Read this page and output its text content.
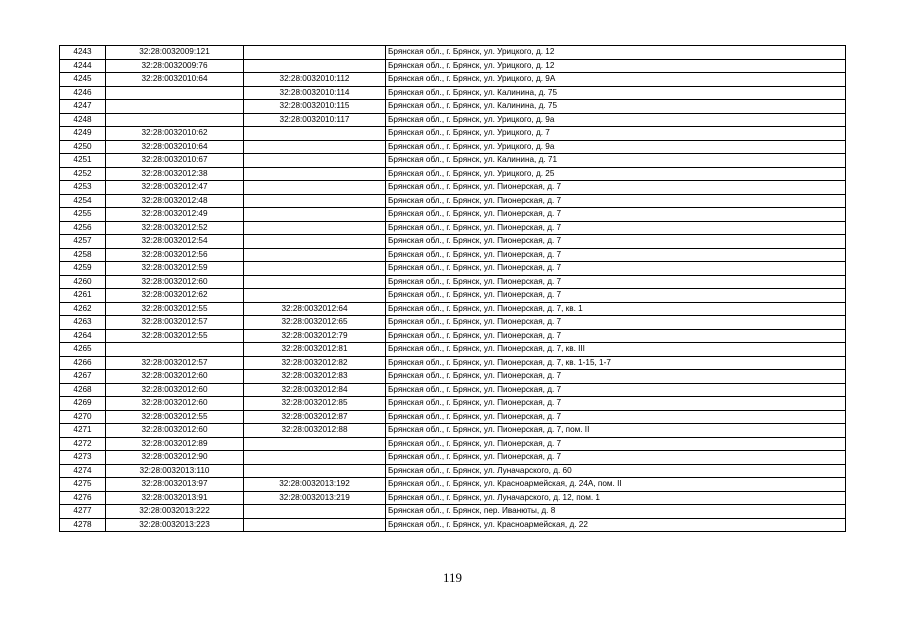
4243	32:28:0032009:121		Брянская обл., г. Брянск, ул. Урицкого, д. 12
4244	32:28:0032009:76		Брянская обл., г. Брянск, ул. Урицкого, д. 12
4245	32:28:0032010:64	32:28:0032010:112	Брянская обл., г. Брянск, ул. Урицкого, д. 9А
4246		32:28:0032010:114	Брянская обл., г. Брянск, ул. Калинина, д. 75
4247		32:28:0032010:115	Брянская обл., г. Брянск, ул. Калинина, д. 75
4248		32:28:0032010:117	Брянская обл., г. Брянск, ул. Урицкого, д. 9а
4249	32:28:0032010:62		Брянская обл., г. Брянск, ул. Урицкого, д. 7
4250	32:28:0032010:64		Брянская обл., г. Брянск, ул. Урицкого, д. 9а
4251	32:28:0032010:67		Брянская обл., г. Брянск, ул. Калинина, д. 71
4252	32:28:0032012:38		Брянская обл., г. Брянск, ул. Урицкого, д. 25
4253	32:28:0032012:47		Брянская обл., г. Брянск, ул. Пионерская, д. 7
4254	32:28:0032012:48		Брянская обл., г. Брянск, ул. Пионерская, д. 7
4255	32:28:0032012:49		Брянская обл., г. Брянск, ул. Пионерская, д. 7
4256	32:28:0032012:52		Брянская обл., г. Брянск, ул. Пионерская, д. 7
4257	32:28:0032012:54		Брянская обл., г. Брянск, ул. Пионерская, д. 7
4258	32:28:0032012:56		Брянская обл., г. Брянск, ул. Пионерская, д. 7
4259	32:28:0032012:59		Брянская обл., г. Брянск, ул. Пионерская, д. 7
4260	32:28:0032012:60		Брянская обл., г. Брянск, ул. Пионерская, д. 7
4261	32:28:0032012:62		Брянская обл., г. Брянск, ул. Пионерская, д. 7
4262	32:28:0032012:55	32:28:0032012:64	Брянская обл., г. Брянск, ул. Пионерская, д. 7, кв. 1
4263	32:28:0032012:57	32:28:0032012:65	Брянская обл., г. Брянск, ул. Пионерская, д. 7
4264	32:28:0032012:55	32:28:0032012:79	Брянская обл., г. Брянск, ул. Пионерская, д. 7
4265		32:28:0032012:81	Брянская обл., г. Брянск, ул. Пионерская, д. 7, кв. III
4266	32:28:0032012:57	32:28:0032012:82	Брянская обл., г. Брянск, ул. Пионерская, д. 7, кв. 1-15, 1-7
4267	32:28:0032012:60	32:28:0032012:83	Брянская обл., г. Брянск, ул. Пионерская, д. 7
4268	32:28:0032012:60	32:28:0032012:84	Брянская обл., г. Брянск, ул. Пионерская, д. 7
4269	32:28:0032012:60	32:28:0032012:85	Брянская обл., г. Брянск, ул. Пионерская, д. 7
4270	32:28:0032012:55	32:28:0032012:87	Брянская обл., г. Брянск, ул. Пионерская, д. 7
4271	32:28:0032012:60	32:28:0032012:88	Брянская обл., г. Брянск, ул. Пионерская, д. 7, пом. II
4272	32:28:0032012:89		Брянская обл., г. Брянск, ул. Пионерская, д. 7
4273	32:28:0032012:90		Брянская обл., г. Брянск, ул. Пионерская, д. 7
4274	32:28:0032013:110		Брянская обл., г. Брянск, ул. Луначарского, д. 60
4275	32:28:0032013:97	32:28:0032013:192	Брянская обл., г. Брянск, ул. Красноармейская, д. 24А, пом. II
4276	32:28:0032013:91	32:28:0032013:219	Брянская обл., г. Брянск, ул. Луначарского, д. 12, пом. 1
4277	32:28:0032013:222		Брянская обл., г. Брянск, пер. Иванюты, д. 8
4278	32:28:0032013:223		Брянская обл., г. Брянск, ул. Красноармейская, д. 22
119
